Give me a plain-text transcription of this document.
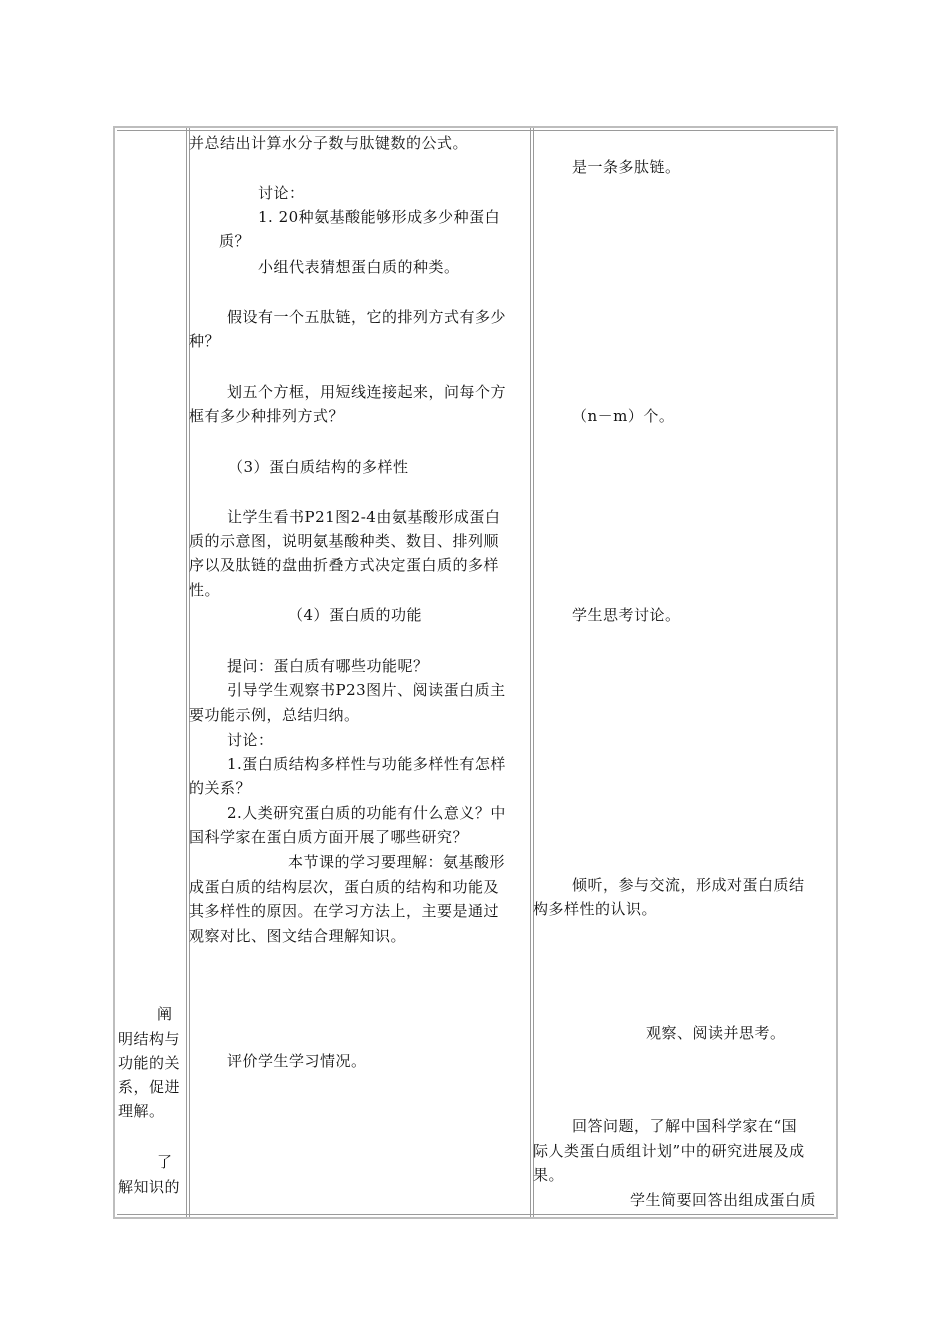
阐
明结构与
功能的关
系，促进
理解。
了
解知识的
并总结出计算水分子数与肽键数的公式。
讨论：
1. 20种氨基酸能够形成多少种蛋白
质？
小组代表猜想蛋白质的种类。
假设有一个五肽链，它的排列方式有多少
种？
划五个方框，用短线连接起来，问每个方
框有多少种排列方式？
（3）蛋白质结构的多样性
让学生看书P21图2-4由氨基酸形成蛋白
质的示意图，说明氨基酸种类、数目、排列顺
序以及肽链的盘曲折叠方式决定蛋白质的多样
性。
（4）蛋白质的功能
提问：蛋白质有哪些功能呢？
引导学生观察书P23图片、阅读蛋白质主
要功能示例，总结归纳。
讨论：
1.蛋白质结构多样性与功能多样性有怎样
的关系？
2.人类研究蛋白质的功能有什么意义？中
国科学家在蛋白质方面开展了哪些研究？
本节课的学习要理解：氨基酸形
成蛋白质的结构层次，蛋白质的结构和功能及
其多样性的原因。在学习方法上，主要是通过
观察对比、图文结合理解知识。
评价学生学习情况。
是一条多肽链。
（n－m）个。
学生思考讨论。
倾听，参与交流，形成对蛋白质结
构多样性的认识。
观察、阅读并思考。
回答问题，了解中国科学家在“国
际人类蛋白质组计划”中的研究进展及成
果。
学生简要回答出组成蛋白质
